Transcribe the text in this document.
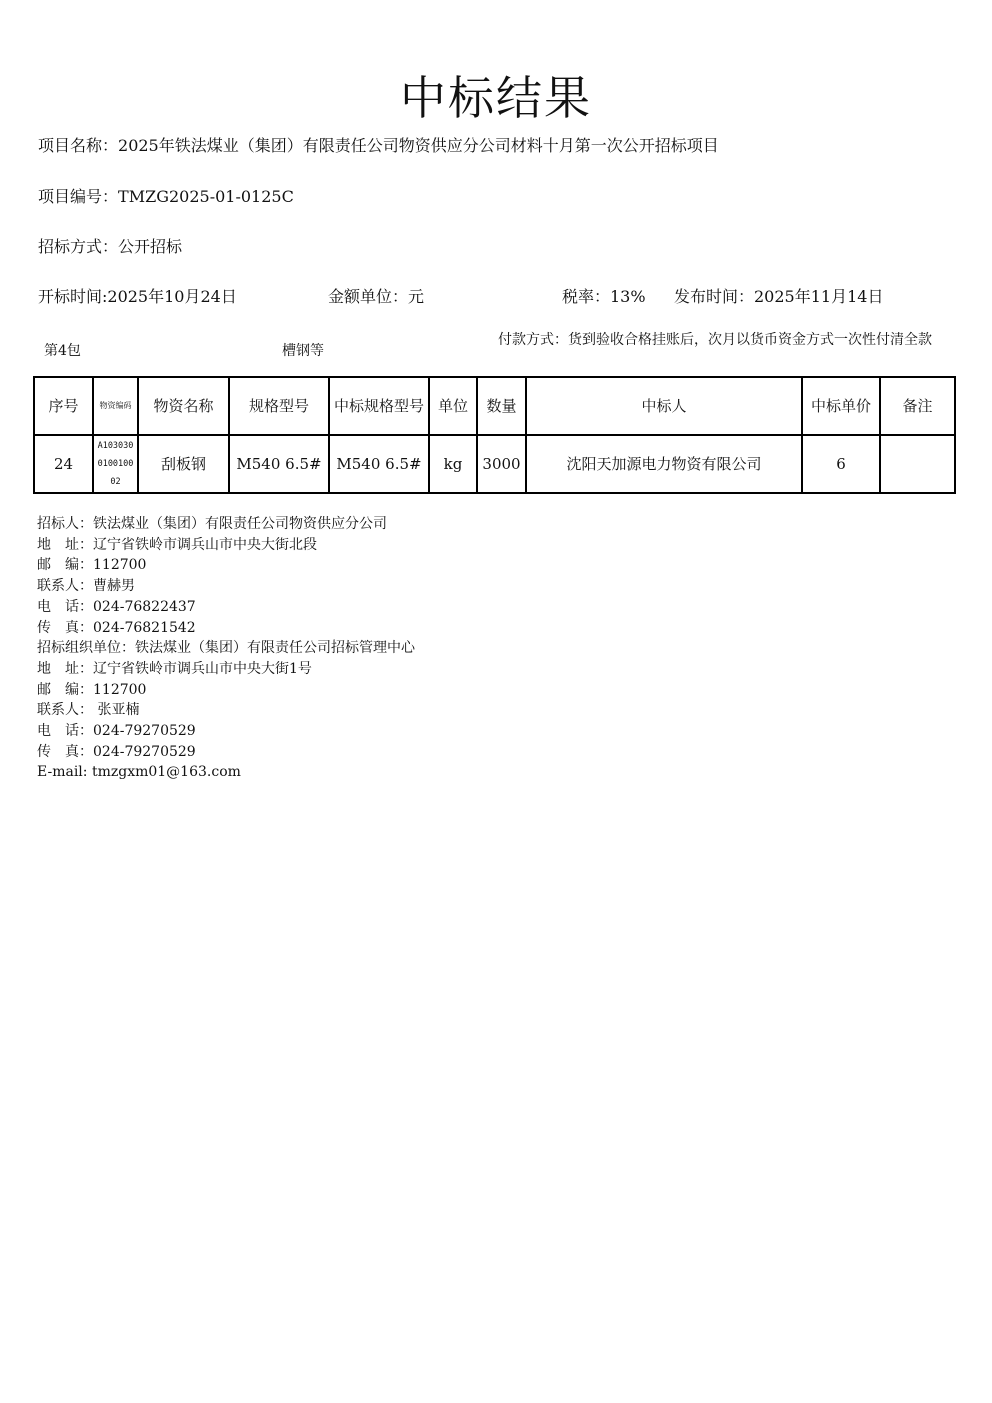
中标结果
项目名称：2025年铁法煤业（集团）有限责任公司物资供应分公司材料十月第一次公开招标项目
项目编号：TMZG2025-01-0125C
招标方式：公开招标
开标时间:2025年10月24日	金额单位：元	税率：13% 发布时间：2025年11月14日
第4包	槽钢等
付款方式：货到验收合格挂账后，次月以货币资金方式一次性付清全款
序号	物资编码	物资名称	规格型号	中标规格型号	单位	数量	中标人	中标单价	备注
24	A103030010010002	刮板钢	M540 6.5#	M540 6.5#	kg	3000	沈阳天加源电力物资有限公司	6	
招标人：铁法煤业（集团）有限责任公司物资供应分公司
地　址：辽宁省铁岭市调兵山市中央大街北段
邮　编：112700
联系人：曹赫男
电　话：024-76822437
传　真：024-76821542
招标组织单位：铁法煤业（集团）有限责任公司招标管理中心
地　址：辽宁省铁岭市调兵山市中央大街1号
邮　编：112700
联系人： 张亚楠
电　话：024-79270529
传　真：024-79270529
E-mail: tmzgxm01@163.com
